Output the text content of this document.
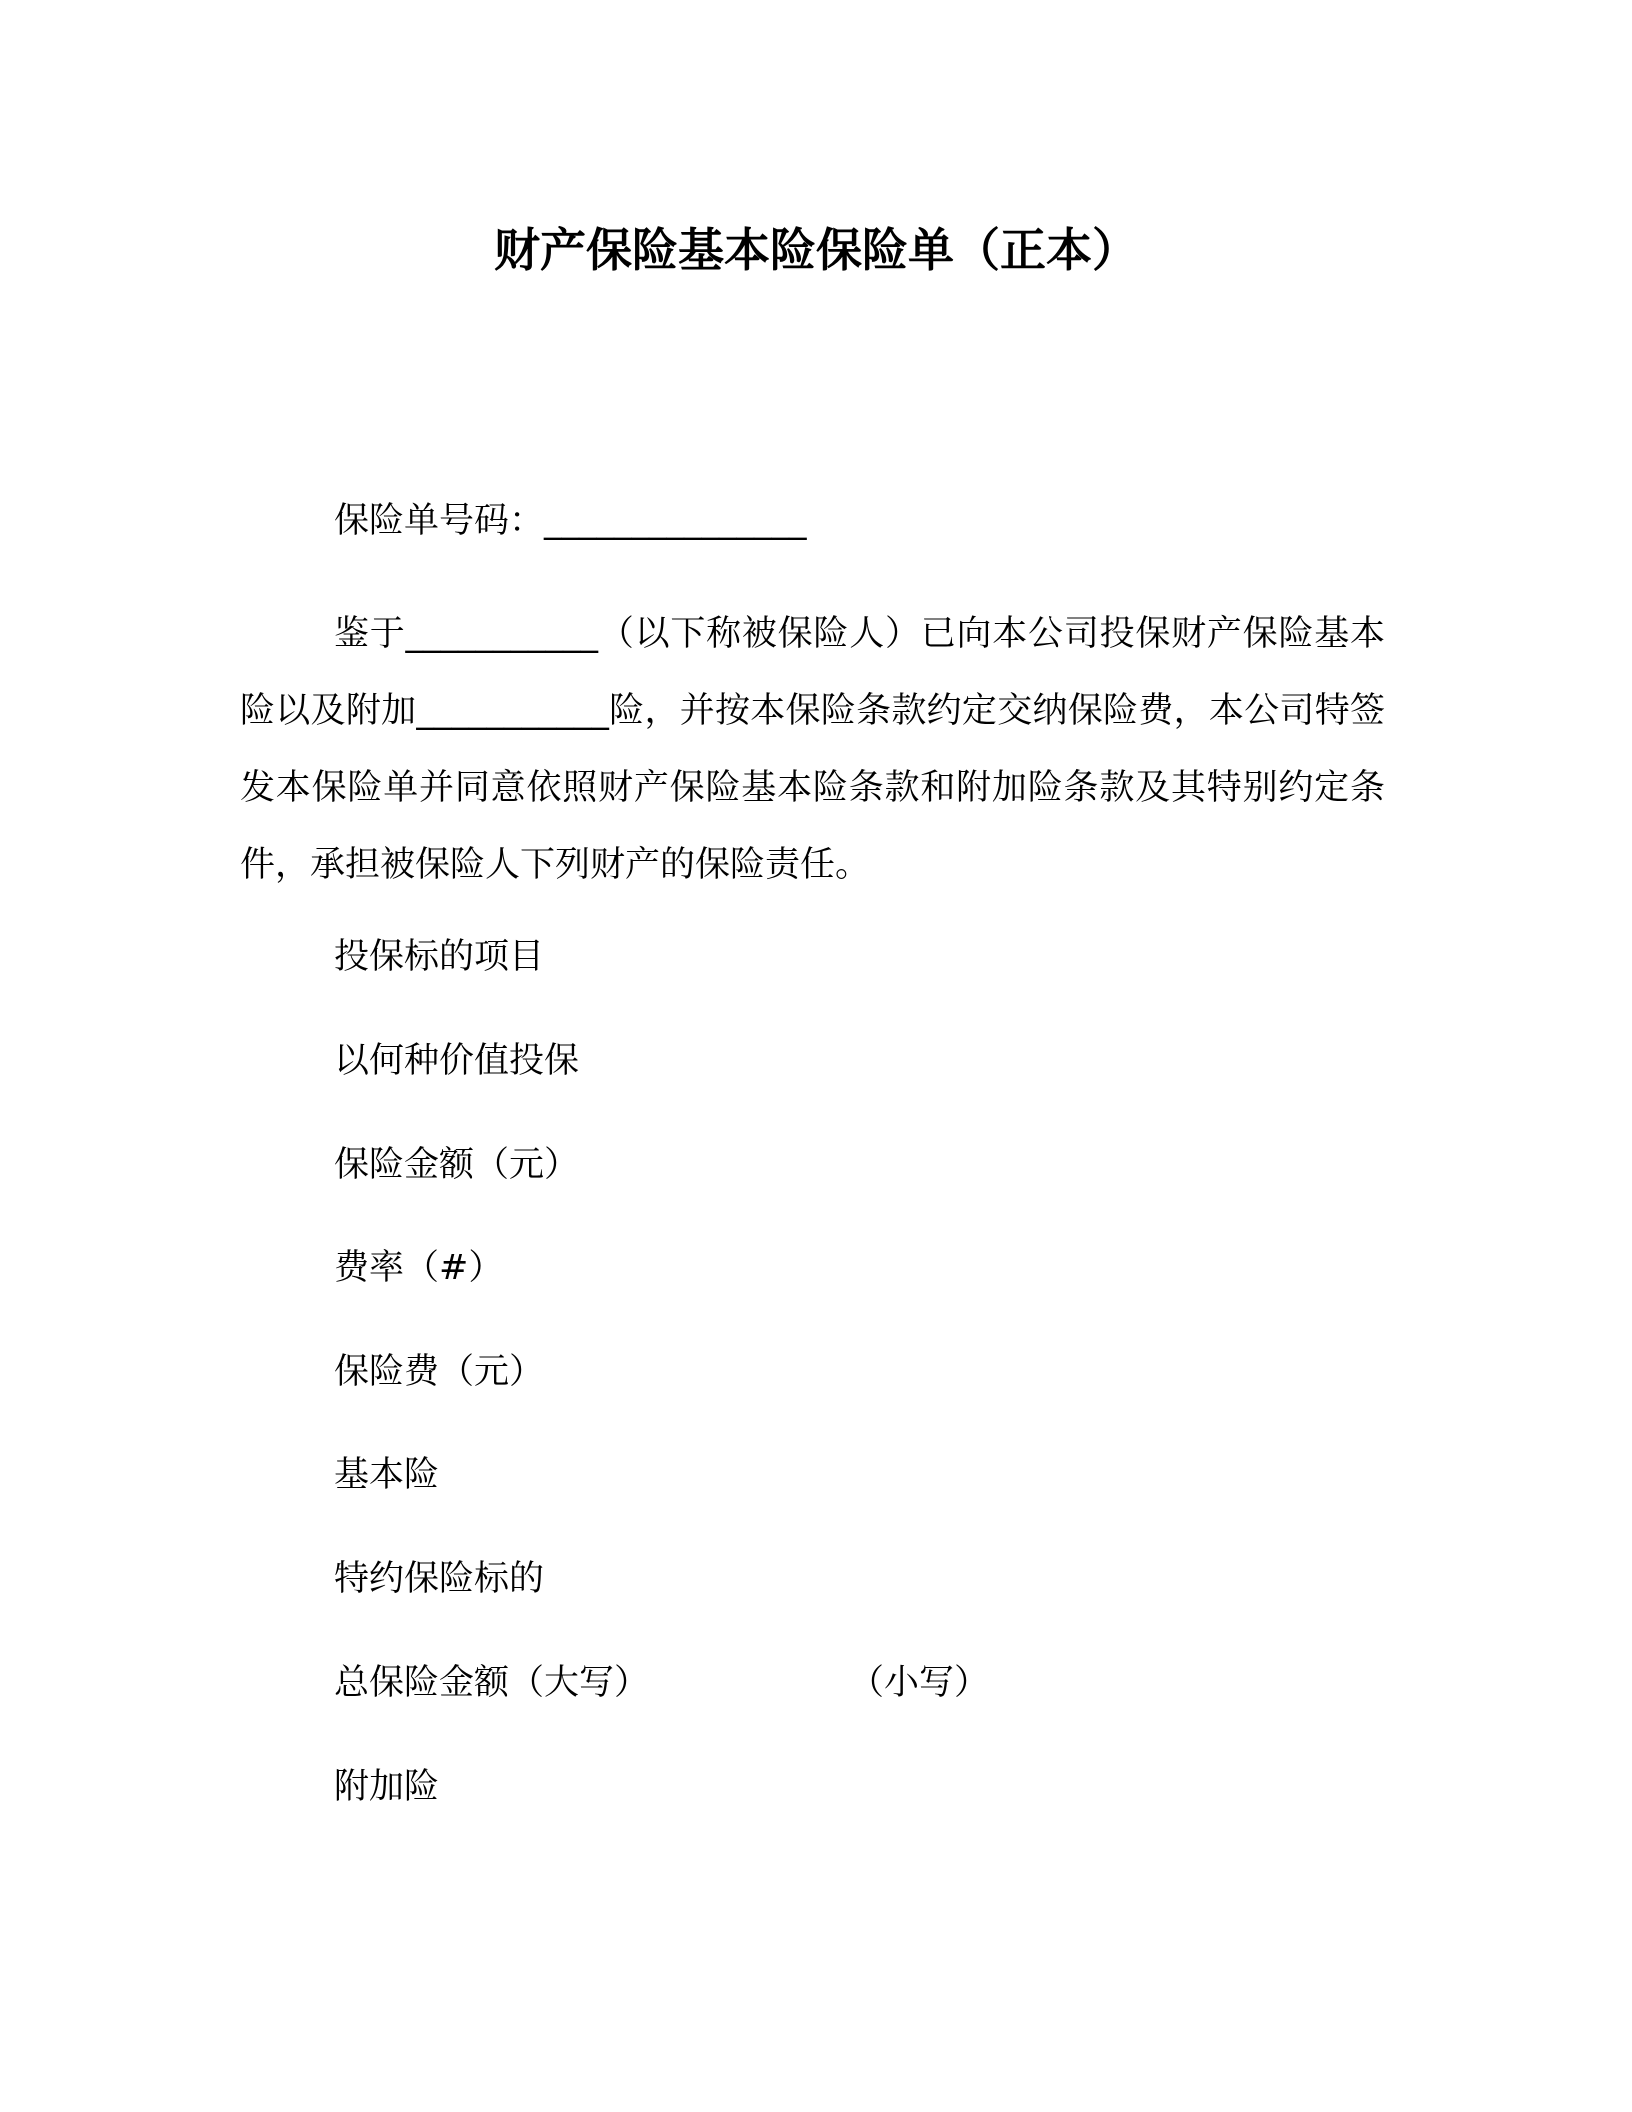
财产保险基本险保险单（正本）
保险单号码：_______________
鉴于___________（以下称被保险人）已向本公司投保财产保险基本险以及附加___________险，并按本保险条款约定交纳保险费，本公司特签发本保险单并同意依照财产保险基本险条款和附加险条款及其特别约定条件，承担被保险人下列财产的保险责任。
投保标的项目
以何种价值投保
保险金额（元）
费率（#）
保险费（元）
基本险
特约保险标的
总保险金额（大写）	（小写）
附加险
